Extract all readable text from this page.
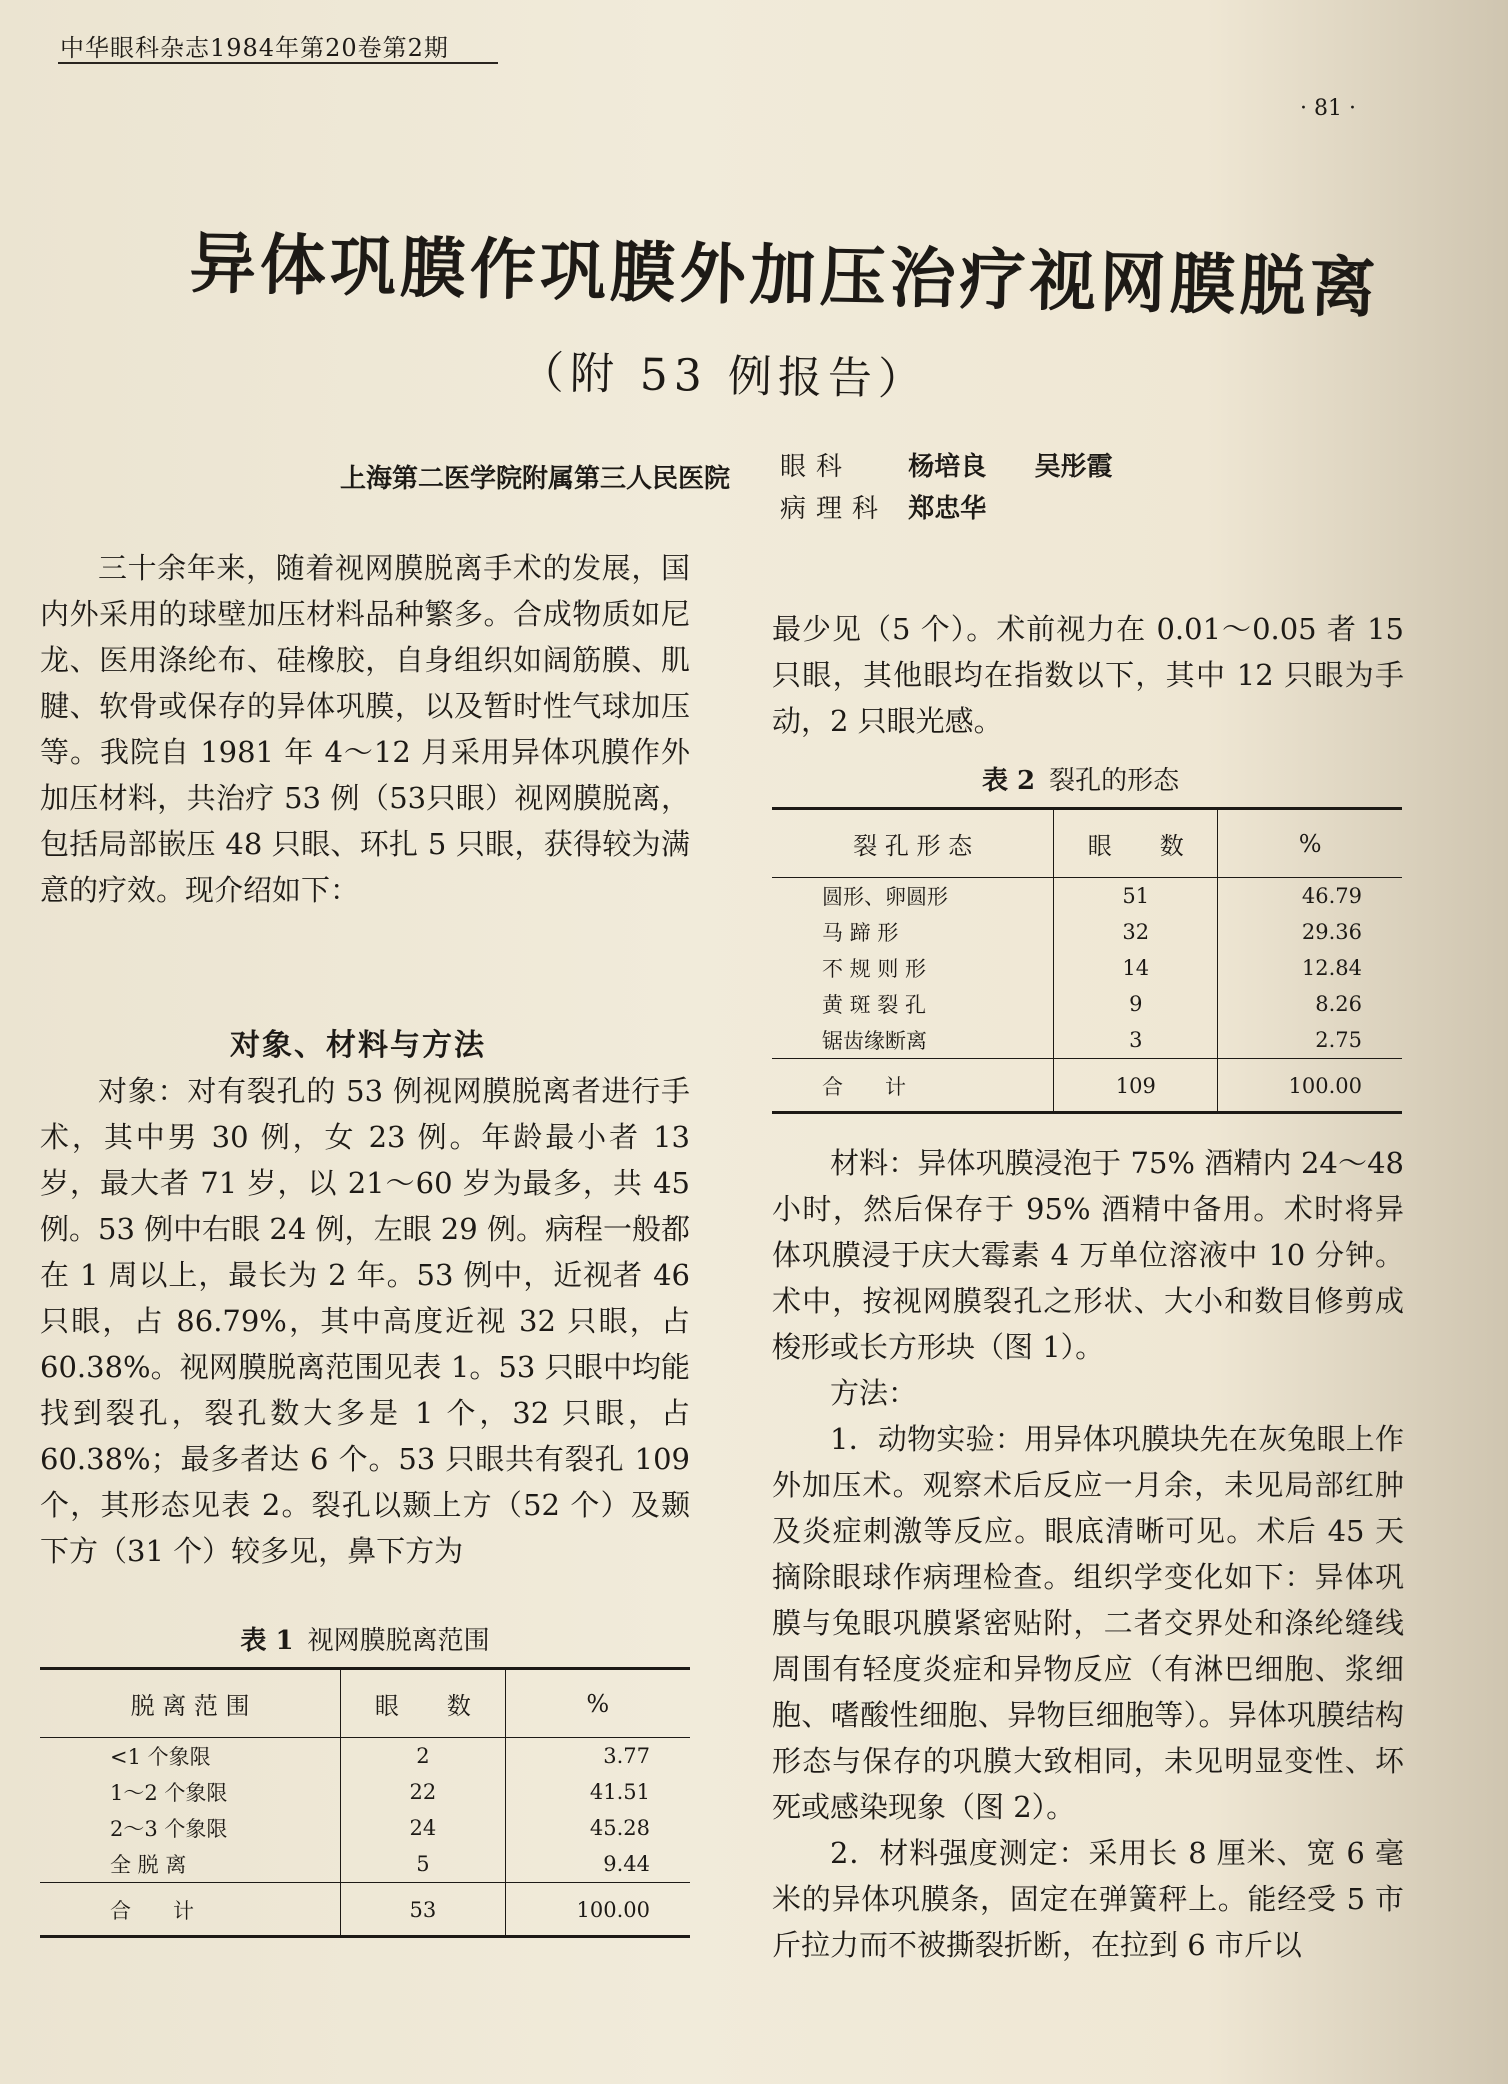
中华眼科杂志1984年第20卷第2期
· 81 ·
异体巩膜作巩膜外加压治疗视网膜脱离
（附 53 例报告）
上海第二医学院附属第三人民医院 眼科 杨培良 吴彤霞
病理科 郑忠华

三十余年来，随着视网膜脱离手术的发展，国内外采用的球壁加压材料品种繁多。合成物质如尼龙、医用涤纶布、硅橡胶，自身组织如阔筋膜、肌腱、软骨或保存的异体巩膜，以及暂时性气球加压等。我院自 1981 年 4～12 月采用异体巩膜作外加压材料，共治疗 53 例（53只眼）视网膜脱离，包括局部嵌压 48 只眼、环扎 5 只眼，获得较为满意的疗效。现介绍如下：

对象、材料与方法

对象：对有裂孔的 53 例视网膜脱离者进行手术，其中男 30 例，女 23 例。年龄最小者 13 岁，最大者 71 岁，以 21～60 岁为最多，共 45 例。53 例中右眼 24 例，左眼 29 例。病程一般都在 1 周以上，最长为 2 年。53 例中，近视者 46 只眼，占 86.79%，其中高度近视 32 只眼，占 60.38%。视网膜脱离范围见表 1。53 只眼中均能找到裂孔，裂孔数大多是 1 个，32 只眼，占 60.38%；最多者达 6 个。53 只眼共有裂孔 109 个，其形态见表 2。裂孔以颞上方（52 个）及颞下方（31 个）较多见，鼻下方为

最少见（5 个）。术前视力在 0.01～0.05 者 15 只眼，其他眼均在指数以下，其中 12 只眼为手动，2 只眼光感。

表 2 裂孔的形态
裂 孔 形 态	眼　　数	%
圆形、卵圆形	51	46.79
马 蹄 形	32	29.36
不 规 则 形	14	12.84
黄 斑 裂 孔	9	8.26
锯齿缘断离	3	2.75
合　　计	109	100.00

材料：异体巩膜浸泡于 75% 酒精内 24～48 小时，然后保存于 95% 酒精中备用。术时将异体巩膜浸于庆大霉素 4 万单位溶液中 10 分钟。术中，按视网膜裂孔之形状、大小和数目修剪成梭形或长方形块（图 1）。

方法：

1．动物实验：用异体巩膜块先在灰兔眼上作外加压术。观察术后反应一月余，未见局部红肿及炎症刺激等反应。眼底清晰可见。术后 45 天摘除眼球作病理检查。组织学变化如下：异体巩膜与兔眼巩膜紧密贴附，二者交界处和涤纶缝线周围有轻度炎症和异物反应（有淋巴细胞、浆细胞、嗜酸性细胞、异物巨细胞等）。异体巩膜结构形态与保存的巩膜大致相同，未见明显变性、坏死或感染现象（图 2）。

2．材料强度测定：采用长 8 厘米、宽 6 毫米的异体巩膜条，固定在弹簧秤上。能经受 5 市斤拉力而不被撕裂折断，在拉到 6 市斤以

表 1 视网膜脱离范围
脱 离 范 围	眼　　数	%
<1 个象限	2	3.77
1～2 个象限	22	41.51
2～3 个象限	24	45.28
全 脱 离	5	9.44
合　　计	53	100.00
